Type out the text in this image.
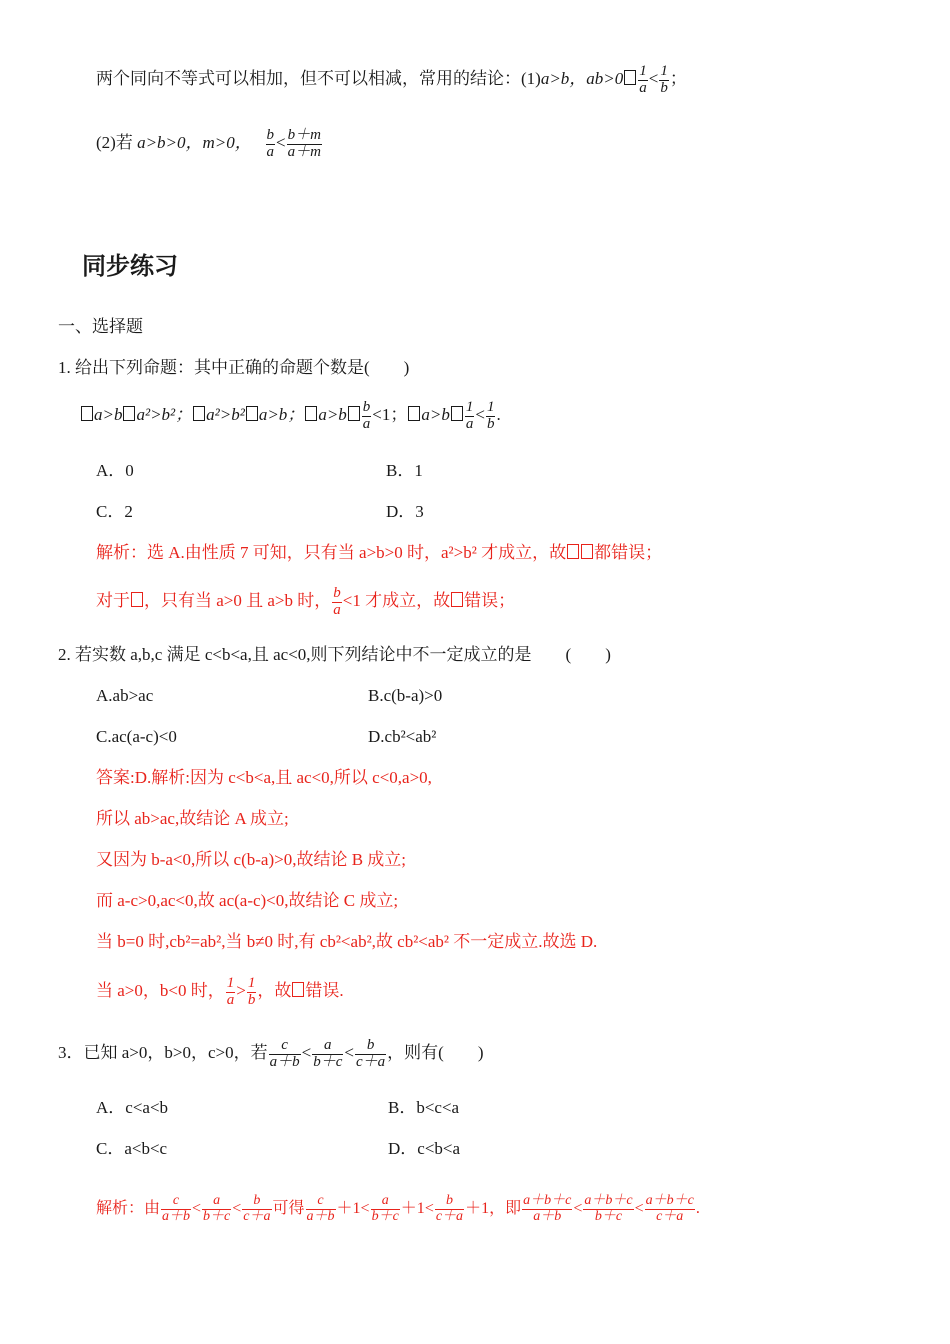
两个同向不等式可以相加，但不可以相减，常用的结论：(1)a>b，$ab>0 \frac{1}{a} < \frac{1}{b}$ ；
(2)若 a>b>0，m>0， $\frac{b}{a} < \frac{b+m}{a+m}$
同步练习
一、选择题
1. 给出下列命题：其中正确的命题个数是(　　)
a>b a²>b²； a²>b² a>b； $a>b \frac{b}{a} <1$； $a>b \frac{1}{a} < \frac{1}{b}$ .
A．0	B．1
C．2	D．3
解析：选 A.由性质 7 可知，只有当 a>b>0 时，a²>b² 才成立，故 都错误；
对于 ，只有当 a>0 且 a>b 时， $\frac{b}{a} <1$ 才成立，故 错误；
2. 若实数 a,b,c 满足 c<b<a,且 ac<0,则下列结论中不一定成立的是　　(　　)
A.ab>ac	B.c(b-a)>0
C.ac(a-c)<0	D.cb²<ab²
答案:D.解析:因为 c<b<a,且 ac<0,所以 c<0,a>0,
所以 ab>ac,故结论 A 成立;
又因为 b-a<0,所以 c(b-a)>0,故结论 B 成立;
而 a-c>0,ac<0,故 ac(a-c)<0,故结论 C 成立;
当 b=0 时,cb²=ab²,当 b≠0 时,有 cb²<ab²,故 cb²<ab² 不一定成立.故选 D.
当 a>0，b<0 时， $\frac{1}{a} > \frac{1}{b}$ ，故 错误.
3．已知 a>0，b>0，c>0，若 $\frac{c}{a+b} < \frac{a}{b+c} < \frac{b}{c+a}$ ，则有(　　)
A．c<a<b	B．b<c<a
C．a<b<c	D．c<b<a
解析：由 $\frac{c}{a+b} < \frac{a}{b+c} < \frac{b}{c+a}$ 可得 $\frac{c}{a+b} +1< \frac{a}{b+c} +1< \frac{b}{c+a} +1$，即 $\frac{a+b+c}{a+b} < \frac{a+b+c}{b+c} < \frac{a+b+c}{c+a}$ .
